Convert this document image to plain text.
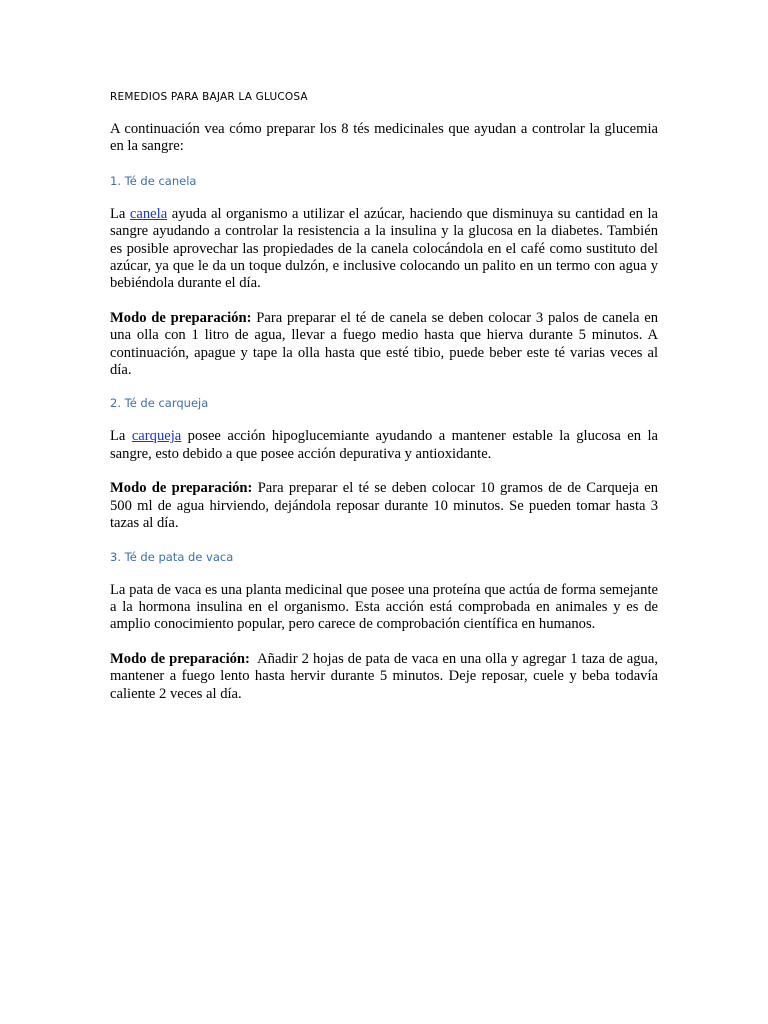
REMEDIOS PARA BAJAR LA GLUCOSA

A continuación vea cómo preparar los 8 tés medicinales que ayudan a controlar la glucemia en la sangre:

1. Té de canela

La canela ayuda al organismo a utilizar el azúcar, haciendo que disminuya su cantidad en la sangre ayudando a controlar la resistencia a la insulina y la glucosa en la diabetes. También es posible aprovechar las propiedades de la canela colocándola en el café como sustituto del azúcar, ya que le da un toque dulzón, e inclusive colocando un palito en un termo con agua y bebiéndola durante el día.

Modo de preparación: Para preparar el té de canela se deben colocar 3 palos de canela en una olla con 1 litro de agua, llevar a fuego medio hasta que hierva durante 5 minutos. A continuación, apague y tape la olla hasta que esté tibio, puede beber este té varias veces al día.

2. Té de carqueja

La carqueja posee acción hipoglucemiante ayudando a mantener estable la glucosa en la sangre, esto debido a que posee acción depurativa y antioxidante.

Modo de preparación: Para preparar el té se deben colocar 10 gramos de de Carqueja en 500 ml de agua hirviendo, dejándola reposar durante 10 minutos. Se pueden tomar hasta 3 tazas al día.

3. Té de pata de vaca

La pata de vaca es una planta medicinal que posee una proteína que actúa de forma semejante a la hormona insulina en el organismo. Esta acción está comprobada en animales y es de amplio conocimiento popular, pero carece de comprobación científica en humanos.

Modo de preparación:  Añadir 2 hojas de pata de vaca en una olla y agregar 1 taza de agua, mantener a fuego lento hasta hervir durante 5 minutos. Deje reposar, cuele y beba todavía caliente 2 veces al día.
